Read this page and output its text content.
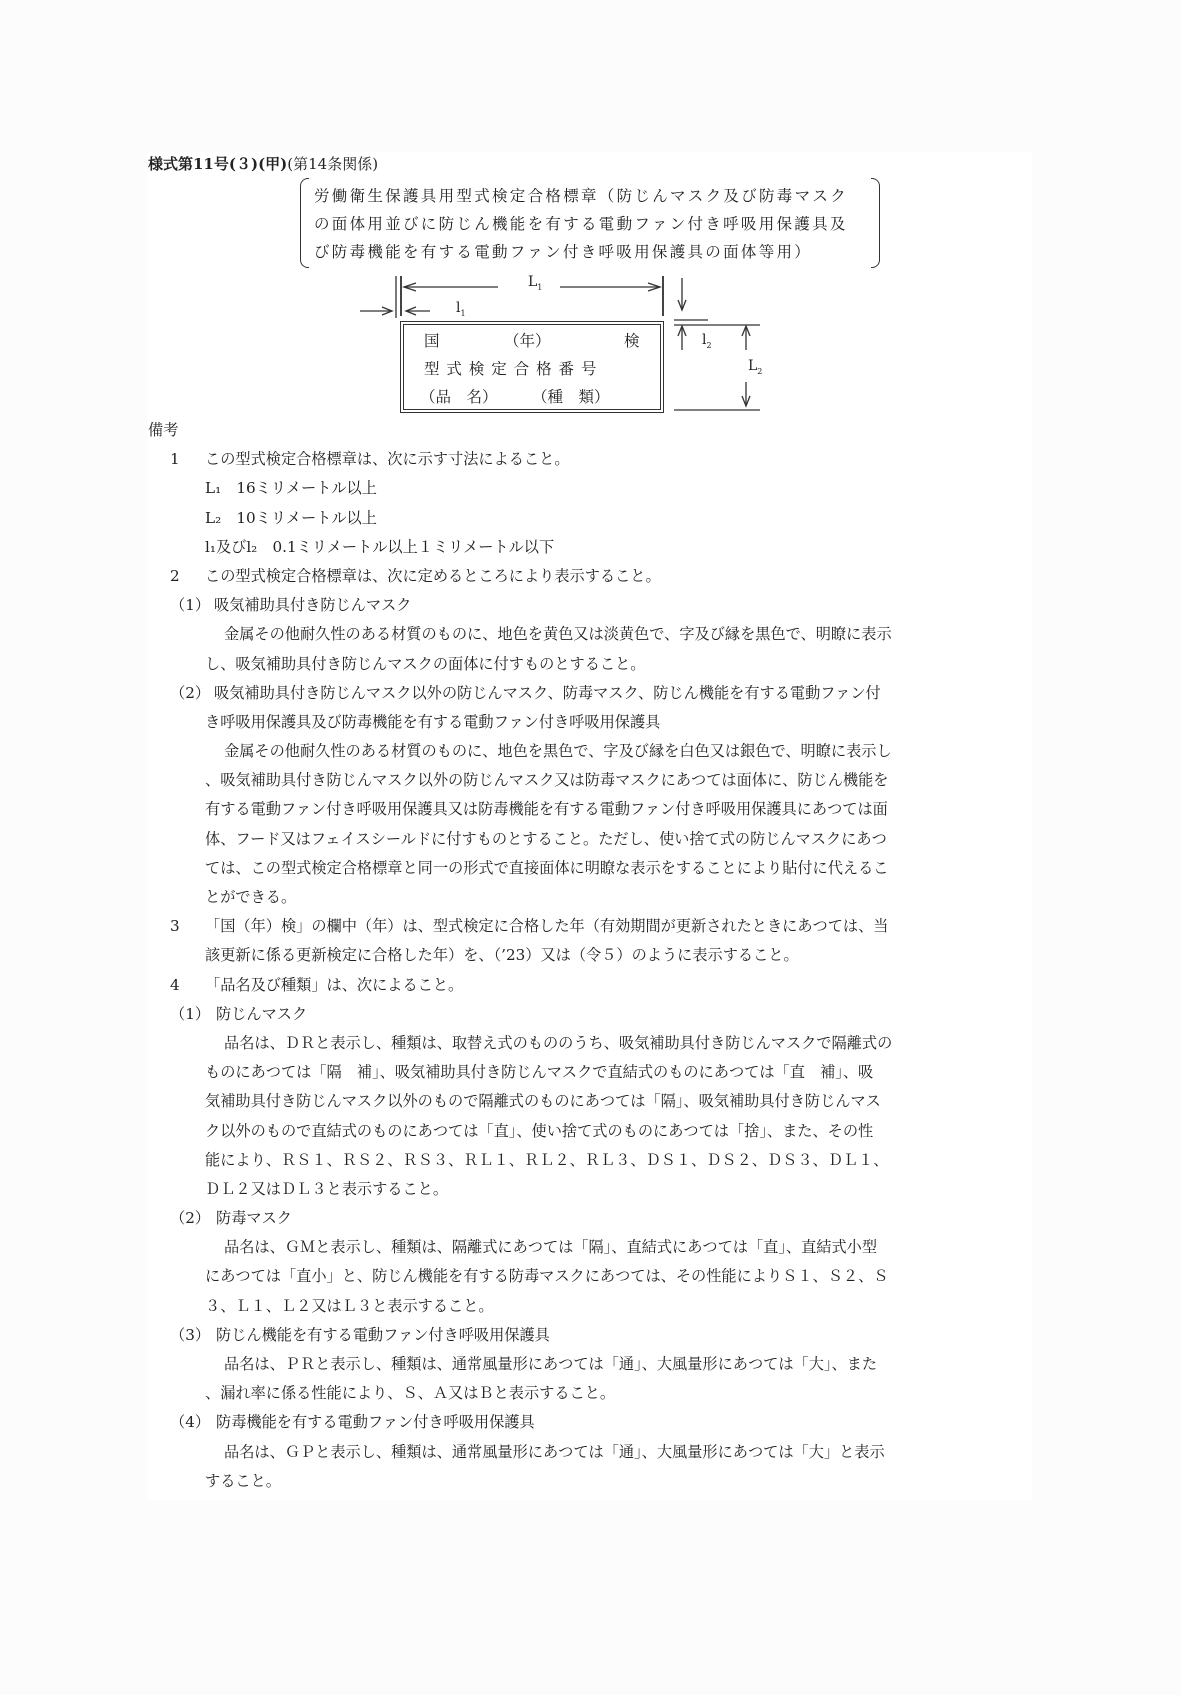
様式第11号(３)(甲)(第14条関係)
労働衛生保護具用型式検定合格標章（防じんマスク及び防毒マスク
の面体用並びに防じん機能を有する電動ファン付き呼吸用保護具及
び防毒機能を有する電動ファン付き呼吸用保護具の面体等用）
$L_1$
$l_1$
$l_2$
$L_2$
国	（年）	検
型 式 検 定 合 格 番 号
（品　名） （種　類）
備考
1 この型式検定合格標章は、次に示す寸法によること。
L₁　16ミリメートル以上
L₂　10ミリメートル以上
l₁及びl₂　0.1ミリメートル以上１ミリメートル以下
2 この型式検定合格標章は、次に定めるところにより表示すること。
（1） 吸気補助具付き防じんマスク
金属その他耐久性のある材質のものに、地色を黄色又は淡黄色で、字及び縁を黒色で、明瞭に表示
し、吸気補助具付き防じんマスクの面体に付すものとすること。
（2） 吸気補助具付き防じんマスク以外の防じんマスク、防毒マスク、防じん機能を有する電動ファン付
き呼吸用保護具及び防毒機能を有する電動ファン付き呼吸用保護具
金属その他耐久性のある材質のものに、地色を黒色で、字及び縁を白色又は銀色で、明瞭に表示し
、吸気補助具付き防じんマスク以外の防じんマスク又は防毒マスクにあつては面体に、防じん機能を
有する電動ファン付き呼吸用保護具又は防毒機能を有する電動ファン付き呼吸用保護具にあつては面
体、フード又はフェイスシールドに付すものとすること。ただし、使い捨て式の防じんマスクにあつ
ては、この型式検定合格標章と同一の形式で直接面体に明瞭な表示をすることにより貼付に代えるこ
とができる。
3 「国（年）検」の欄中（年）は、型式検定に合格した年（有効期間が更新されたときにあつては、当
該更新に係る更新検定に合格した年）を、（’23）又は（令５）のように表示すること。
4 「品名及び種類」は、次によること。
（1） 防じんマスク
品名は、ＤＲと表示し、種類は、取替え式のもののうち、吸気補助具付き防じんマスクで隔離式の
ものにあつては「隔　補」、吸気補助具付き防じんマスクで直結式のものにあつては「直　補」、吸
気補助具付き防じんマスク以外のもので隔離式のものにあつては「隔」、吸気補助具付き防じんマス
ク以外のもので直結式のものにあつては「直」、使い捨て式のものにあつては「捨」、また、その性
能により、ＲＳ１、ＲＳ２、ＲＳ３、ＲＬ１、ＲＬ２、ＲＬ３、ＤＳ１、ＤＳ２、ＤＳ３、ＤＬ１、
ＤＬ２又はＤＬ３と表示すること。
（2） 防毒マスク
品名は、ＧＭと表示し、種類は、隔離式にあつては「隔」、直結式にあつては「直」、直結式小型
にあつては「直小」と、防じん機能を有する防毒マスクにあつては、その性能によりＳ１、Ｓ２、Ｓ
３、Ｌ１、Ｌ２又はＬ３と表示すること。
（3） 防じん機能を有する電動ファン付き呼吸用保護具
品名は、ＰＲと表示し、種類は、通常風量形にあつては「通」、大風量形にあつては「大」、また
、漏れ率に係る性能により、Ｓ、Ａ又はＢと表示すること。
（4） 防毒機能を有する電動ファン付き呼吸用保護具
品名は、ＧＰと表示し、種類は、通常風量形にあつては「通」、大風量形にあつては「大」と表示
すること。
